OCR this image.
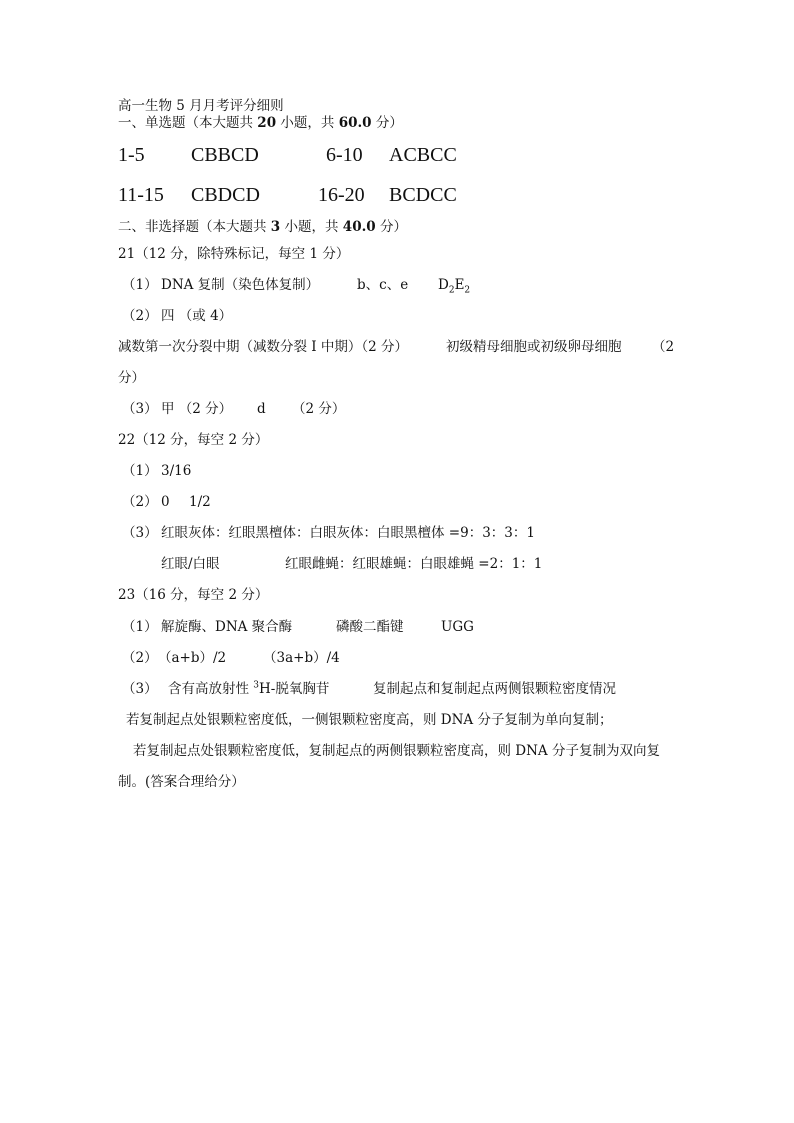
高一生物 5 月月考评分细则
一、单选题（本大题共 20 小题，共 60.0 分）
1-5 CBBCD	6-10 ACBCC
11-15 CBDCD	16-20 BCDCC
二、非选择题（本大题共 3 小题，共 40.0 分）
21（12 分，除特殊标记，每空 1 分）
（1） DNA 复制（染色体复制）	b、c、e $D_2E_2$
（2） 四 （或 4）
减数第一次分裂中期（减数分裂 I 中期）（2 分）	初级精母细胞或初级卵母细胞 （2
分）
（3） 甲 （2 分） d （2 分）
22（12 分，每空 2 分）
（1） 3/16
（2） 0 1/2
（3） 红眼灰体：红眼黑檀体：白眼灰体：白眼黑檀体 =9：3：3：1
红眼/白眼	红眼雌蝇：红眼雄蝇：白眼雄蝇 =2：1：1
23（16 分，每空 2 分）
（1） 解旋酶、DNA 聚合酶	磷酸二酯键	UGG
（2） （a+b）/2	（3a+b）/4
（3） 含有高放射性 $^3$H-脱氧胸苷	复制起点和复制起点两侧银颗粒密度情况
若复制起点处银颗粒密度低，一侧银颗粒密度高，则 DNA 分子复制为单向复制；
若复制起点处银颗粒密度低，复制起点的两侧银颗粒密度高，则 DNA 分子复制为双向复
制。(答案合理给分）
